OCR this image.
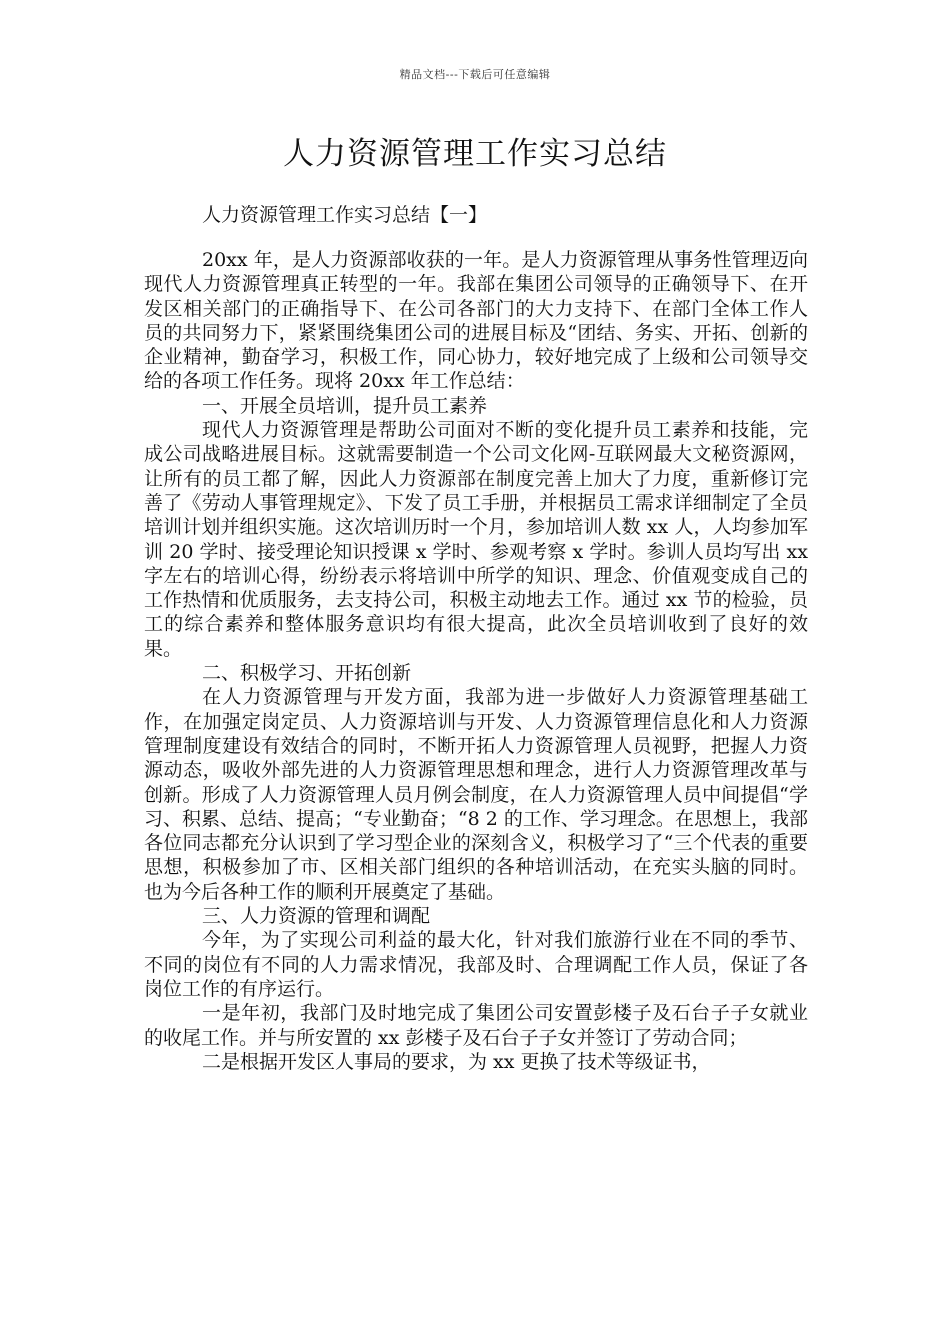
精品文档---下载后可任意编辑
人力资源管理工作实习总结
人力资源管理工作实习总结【一】

20xx 年，是人力资源部收获的一年。是人力资源管理从事务性管理迈向现代人力资源管理真正转型的一年。我部在集团公司领导的正确领导下、在开发区相关部门的正确指导下、在公司各部门的大力支持下、在部门全体工作人员的共同努力下，紧紧围绕集团公司的进展目标及“团结、务实、开拓、创新的企业精神，勤奋学习，积极工作，同心协力，较好地完成了上级和公司领导交给的各项工作任务。现将 20xx 年工作总结：

一、开展全员培训，提升员工素养

现代人力资源管理是帮助公司面对不断的变化提升员工素养和技能，完成公司战略进展目标。这就需要制造一个公司文化网-互联网最大文秘资源网，让所有的员工都了解，因此人力资源部在制度完善上加大了力度，重新修订完善了《劳动人事管理规定》、下发了员工手册，并根据员工需求详细制定了全员培训计划并组织实施。这次培训历时一个月，参加培训人数 xx 人，人均参加军训 20 学时、接受理论知识授课 x 学时、参观考察 x 学时。参训人员均写出 xx 字左右的培训心得，纷纷表示将培训中所学的知识、理念、价值观变成自己的工作热情和优质服务，去支持公司，积极主动地去工作。通过 xx 节的检验，员工的综合素养和整体服务意识均有很大提高，此次全员培训收到了良好的效果。

二、积极学习、开拓创新

在人力资源管理与开发方面，我部为进一步做好人力资源管理基础工作，在加强定岗定员、人力资源培训与开发、人力资源管理信息化和人力资源管理制度建设有效结合的同时，不断开拓人力资源管理人员视野，把握人力资源动态，吸收外部先进的人力资源管理思想和理念，进行人力资源管理改革与创新。形成了人力资源管理人员月例会制度，在人力资源管理人员中间提倡“学习、积累、总结、提高；“专业勤奋；“8 2 的工作、学习理念。在思想上，我部各位同志都充分认识到了学习型企业的深刻含义，积极学习了“三个代表的重要思想，积极参加了市、区相关部门组织的各种培训活动，在充实头脑的同时。也为今后各种工作的顺利开展奠定了基础。

三、人力资源的管理和调配

今年，为了实现公司利益的最大化，针对我们旅游行业在不同的季节、不同的岗位有不同的人力需求情况，我部及时、合理调配工作人员，保证了各岗位工作的有序运行。

一是年初，我部门及时地完成了集团公司安置彭楼子及石台子子女就业的收尾工作。并与所安置的 xx 彭楼子及石台子子女并签订了劳动合同；

二是根据开发区人事局的要求，为 xx 更换了技术等级证书，
